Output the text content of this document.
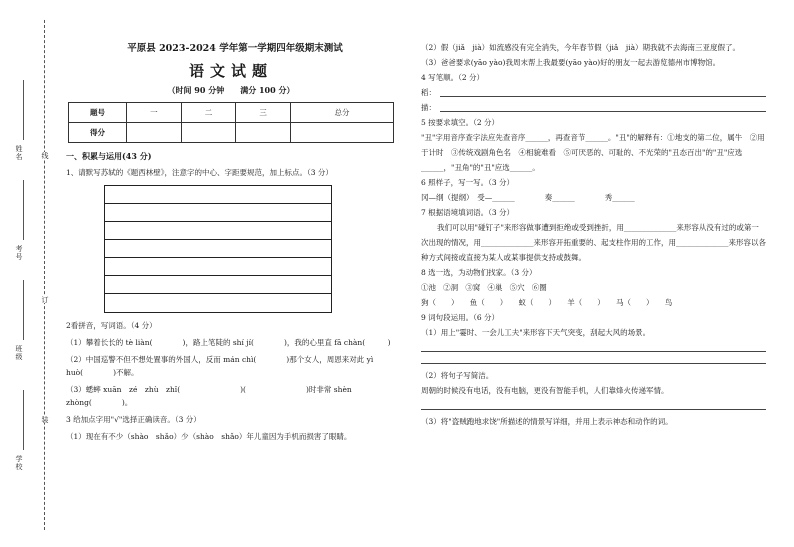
姓名
考号
班级
学校
线
订
装
平原县 2023-2024 学年第一学期四年级期末测试
语文试题
（时间 90 分钟　　满分 100 分）
题号	一	二	三	总分
得分				
一、积累与运用(43 分)
1、请默写苏轼的《题西林壁》，注意字的中心、字距要规范，加上标点。（3 分）
2看拼音，写词语。（4 分）
（1）攀着长长的 tè liàn(　　　　)，路上笔陡的 shí jí(　　　　)，我的心里直 fā chàn(　　　)
（2）中国巡警不但不想处置事的外国人，反而 mán chì(　　　　)那个女人，周恩来对此 yì huò(　　　　)不解。
（3）蟋蟀 xuān　zé　zhù　zhǐ(　　　　　　　　)(　　　　　　　　)时非常 shèn zhòng(　　　　)。
3 给加点字用"√"选择正确读音。（3 分）
（1）现在有不少（shào　shǎo）少（shào　shǎo）年儿童因为手机而损害了眼睛。
（2）假（jiǎ　jià）如流感没有完全消失，今年春节假（jiǎ　jià）期我就不去海南三亚度假了。
（3）爸爸要求(yāo yào)我周末帮上我最要(yāo yào)好的朋友一起去游览德州市博物馆。
4 写笔顺。（2 分）
稻：
描：
5 按要求填空。（2 分）
"丑"字用音序查字法应先查音序______，再查音节______。"丑"的解释有：①地支的第二位，属牛　②用于计时　③传统戏剧角色名　④相貌难看　⑤可厌恶的、可耻的、不光荣的"丑态百出"的"丑"应选______，"丑角"的"丑"应选______。
6 照样子，写一写。（3 分）
冈—纲（提纲）　受—______　　　　奏______　　　　秀______
7 根据语境填词语。（3 分）
我们可以用"碰钉子"来形容做事遭到拒绝或受到挫折，用______________来形容从没有过的或第一次出现的情况，用______________来形容开拓重要的、起支柱作用的工作，用______________来形容以各种方式间接或直接为某人或某事提供支持或鼓舞。
8 选一选，为动物们找家。（3 分）
①池 ②洞 ③窝 ④巢 ⑤穴 ⑥圈
狗（　　）　　鱼（　　）　　蚁（　　）　　羊（　　）　　马（　　）　　鸟
9 词句段运用。（6 分）
（1）用上"霎时、一会儿工夫"来形容下天气突变，刮起大风的场景。
（2）将句子写简洁。
周朝的时候没有电话，没有电脑，更没有智能手机，人们靠烽火传递军情。
（3）将"盗贼跑地求饶"所描述的情景写详细，并用上表示神态和动作的词。
